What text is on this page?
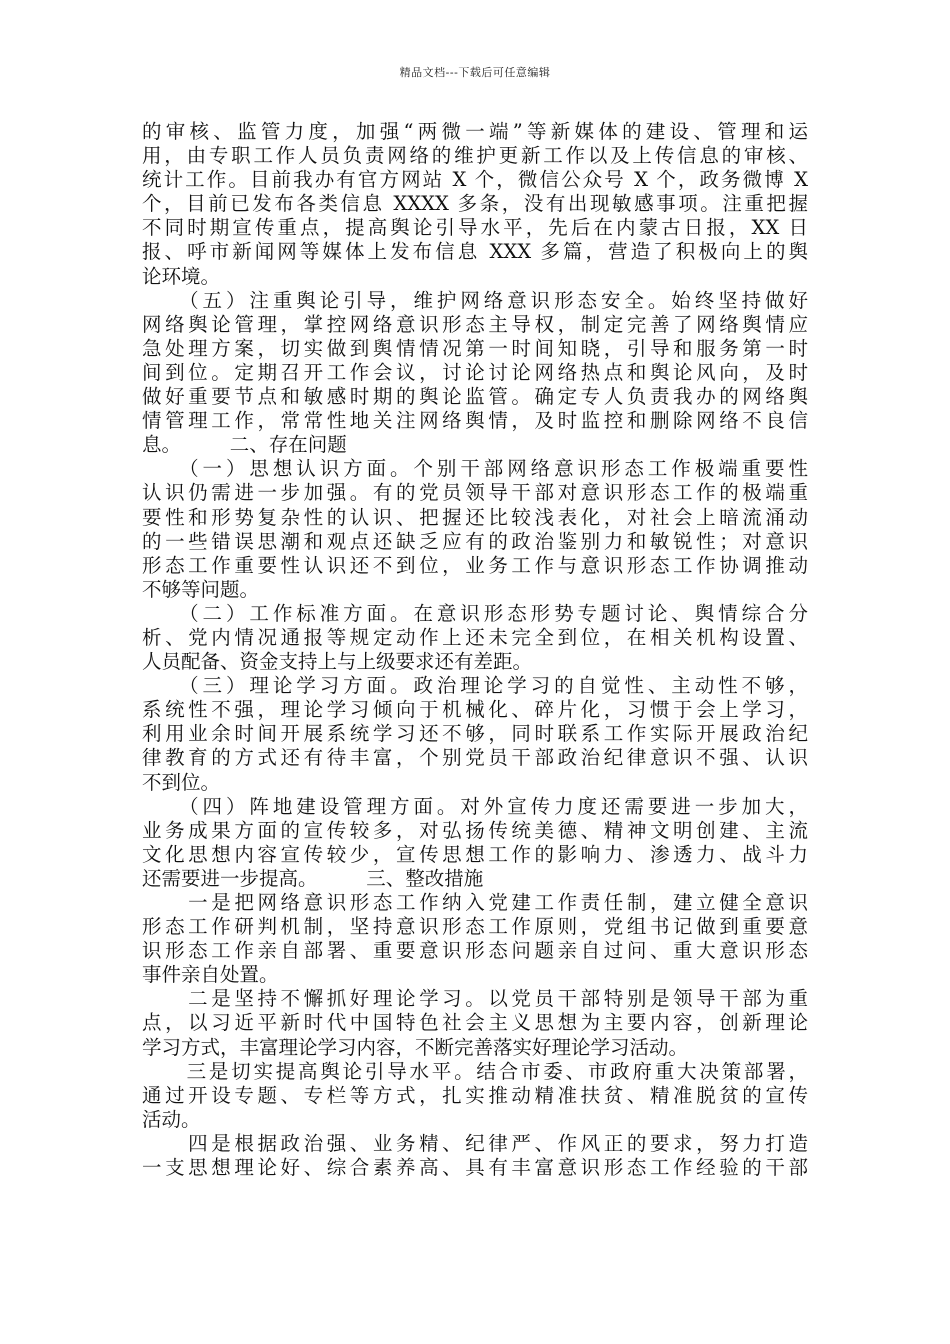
精品文档---下载后可任意编辑
的审核、监管力度，加强“两微一端”等新媒体的建设、管理和运
用，由专职工作人员负责网络的维护更新工作以及上传信息的审核、
统计工作。目前我办有官方网站 X 个，微信公众号 X 个，政务微博 X
个，目前已发布各类信息 XXXX 多条，没有出现敏感事项。注重把握
不同时期宣传重点，提高舆论引导水平，先后在内蒙古日报，XX 日
报、呼市新闻网等媒体上发布信息 XXX 多篇，营造了积极向上的舆
论环境。
　　（五）注重舆论引导，维护网络意识形态安全。始终坚持做好
网络舆论管理，掌控网络意识形态主导权，制定完善了网络舆情应
急处理方案，切实做到舆情情况第一时间知晓，引导和服务第一时
间到位。定期召开工作会议，讨论讨论网络热点和舆论风向，及时
做好重要节点和敏感时期的舆论监管。确定专人负责我办的网络舆
情管理工作，常常性地关注网络舆情，及时监控和删除网络不良信
息。　　　二、存在问题
　　（一）思想认识方面。个别干部网络意识形态工作极端重要性
认识仍需进一步加强。有的党员领导干部对意识形态工作的极端重
要性和形势复杂性的认识、把握还比较浅表化，对社会上暗流涌动
的一些错误思潮和观点还缺乏应有的政治鉴别力和敏锐性；对意识
形态工作重要性认识还不到位，业务工作与意识形态工作协调推动
不够等问题。
　　（二）工作标准方面。在意识形态形势专题讨论、舆情综合分
析、党内情况通报等规定动作上还未完全到位，在相关机构设置、
人员配备、资金支持上与上级要求还有差距。
　　（三）理论学习方面。政治理论学习的自觉性、主动性不够，
系统性不强，理论学习倾向于机械化、碎片化，习惯于会上学习，
利用业余时间开展系统学习还不够，同时联系工作实际开展政治纪
律教育的方式还有待丰富，个别党员干部政治纪律意识不强、认识
不到位。
　　（四）阵地建设管理方面。对外宣传力度还需要进一步加大，
业务成果方面的宣传较多，对弘扬传统美德、精神文明创建、主流
文化思想内容宣传较少，宣传思想工作的影响力、渗透力、战斗力
还需要进一步提高。　　　三、整改措施
　　一是把网络意识形态工作纳入党建工作责任制，建立健全意识
形态工作研判机制，坚持意识形态工作原则，党组书记做到重要意
识形态工作亲自部署、重要意识形态问题亲自过问、重大意识形态
事件亲自处置。
　　二是坚持不懈抓好理论学习。以党员干部特别是领导干部为重
点，以习近平新时代中国特色社会主义思想为主要内容，创新理论
学习方式，丰富理论学习内容，不断完善落实好理论学习活动。
　　三是切实提高舆论引导水平。结合市委、市政府重大决策部署，
通过开设专题、专栏等方式，扎实推动精准扶贫、精准脱贫的宣传
活动。
　　四是根据政治强、业务精、纪律严、作风正的要求，努力打造
一支思想理论好、综合素养高、具有丰富意识形态工作经验的干部
